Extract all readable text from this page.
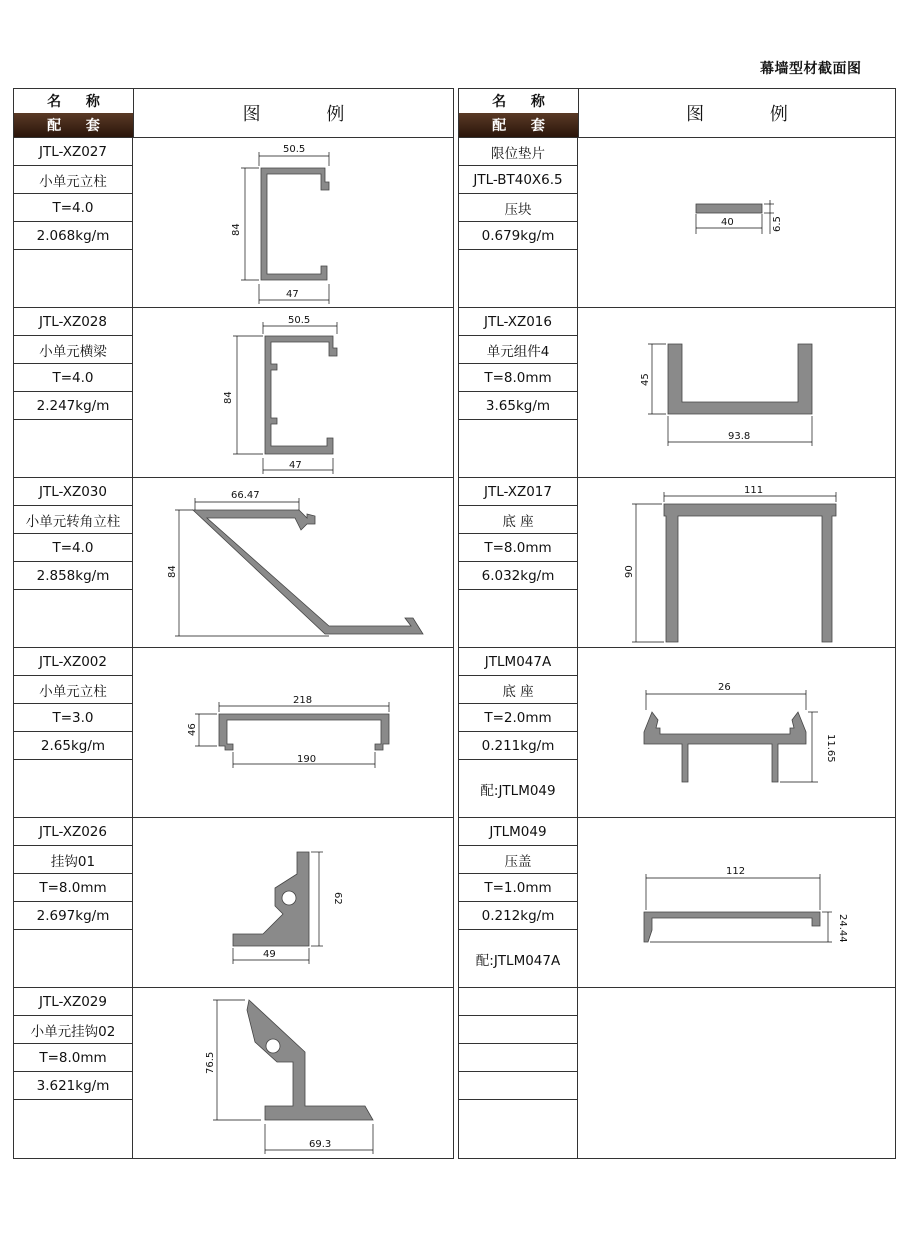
幕墙型材截面图
名 称
配 套
图 例
JTL-XZ027
小单元立柱
T=4.0
2.068kg/m
50.5
84
47
JTL-XZ028
小单元横梁
T=4.0
2.247kg/m
50.5
84
47
JTL-XZ030
小单元转角立柱
T=4.0
2.858kg/m
66.47
84
JTL-XZ002
小单元立柱
T=3.0
2.65kg/m
218
46
190
JTL-XZ026
挂钩01
T=8.0mm
2.697kg/m
62
49
JTL-XZ029
小单元挂钩02
T=8.0mm
3.621kg/m
76.5
69.3
名 称
配 套
图 例
限位垫片
JTL-BT40X6.5
压块
0.679kg/m
40	6.5
JTL-XZ016
单元组件4
T=8.0mm
3.65kg/m
45
93.8
JTL-XZ017
底 座
T=8.0mm
6.032kg/m
111
90
JTLM047A
底 座
T=2.0mm
0.211kg/m
配:JTLM049
26
11.65
JTLM049
压盖
T=1.0mm
0.212kg/m
配:JTLM047A
112
24.44
